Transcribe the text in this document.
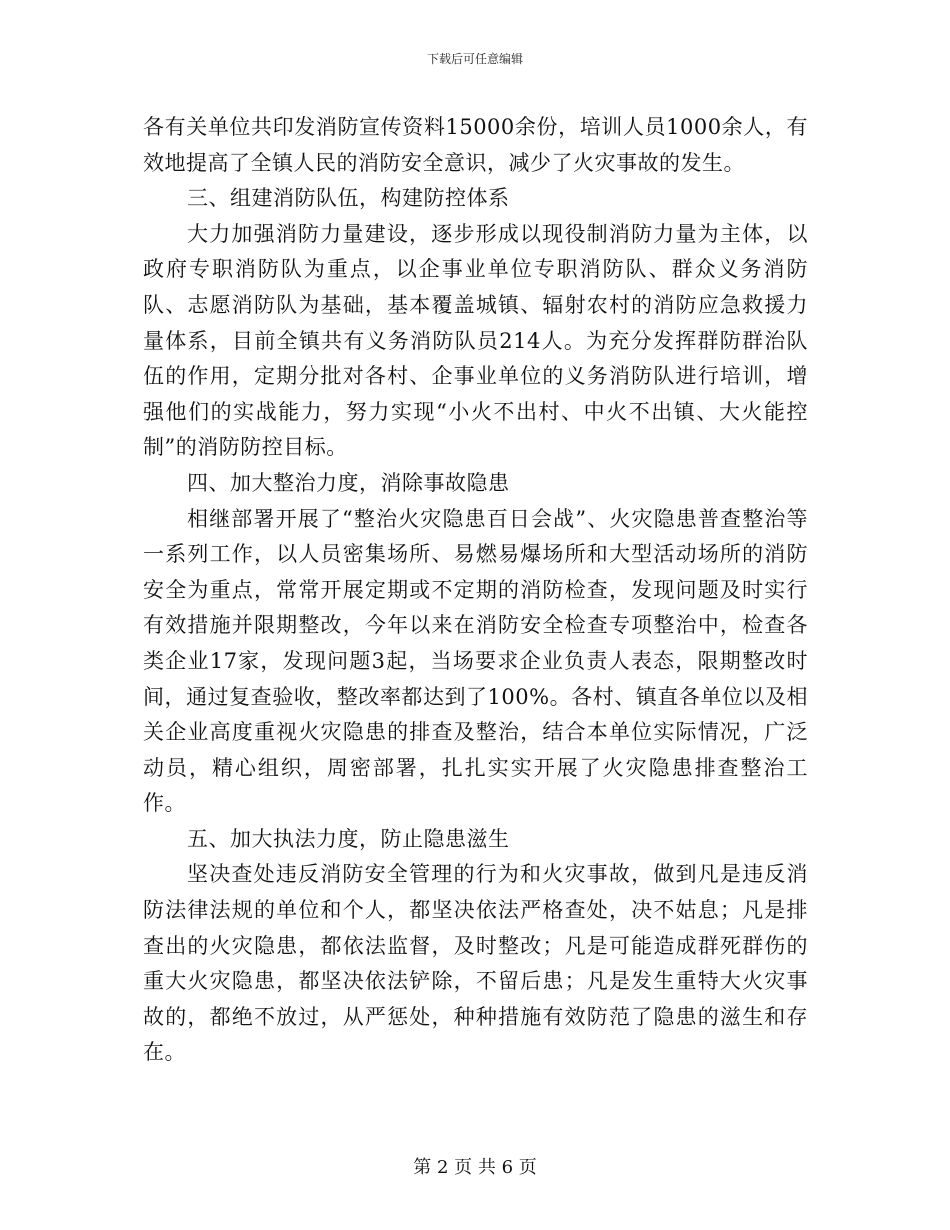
下载后可任意编辑

各有关单位共印发消防宣传资料15000余份，培训人员1000余人，有效地提高了全镇人民的消防安全意识，减少了火灾事故的发生。

三、组建消防队伍，构建防控体系

大力加强消防力量建设，逐步形成以现役制消防力量为主体，以政府专职消防队为重点，以企事业单位专职消防队、群众义务消防队、志愿消防队为基础，基本覆盖城镇、辐射农村的消防应急救援力量体系，目前全镇共有义务消防队员214人。为充分发挥群防群治队伍的作用，定期分批对各村、企事业单位的义务消防队进行培训，增强他们的实战能力，努力实现“小火不出村、中火不出镇、大火能控制”的消防防控目标。

四、加大整治力度，消除事故隐患

相继部署开展了“整治火灾隐患百日会战”、火灾隐患普查整治等一系列工作，以人员密集场所、易燃易爆场所和大型活动场所的消防安全为重点，常常开展定期或不定期的消防检查，发现问题及时实行有效措施并限期整改，今年以来在消防安全检查专项整治中，检查各类企业17家，发现问题3起，当场要求企业负责人表态，限期整改时间，通过复查验收，整改率都达到了100%。各村、镇直各单位以及相关企业高度重视火灾隐患的排查及整治，结合本单位实际情况，广泛动员，精心组织，周密部署，扎扎实实开展了火灾隐患排查整治工作。

五、加大执法力度，防止隐患滋生

坚决查处违反消防安全管理的行为和火灾事故，做到凡是违反消防法律法规的单位和个人，都坚决依法严格查处，决不姑息；凡是排查出的火灾隐患，都依法监督，及时整改；凡是可能造成群死群伤的重大火灾隐患，都坚决依法铲除，不留后患；凡是发生重特大火灾事故的，都绝不放过，从严惩处，种种措施有效防范了隐患的滋生和存在。

第 2 页 共 6 页
